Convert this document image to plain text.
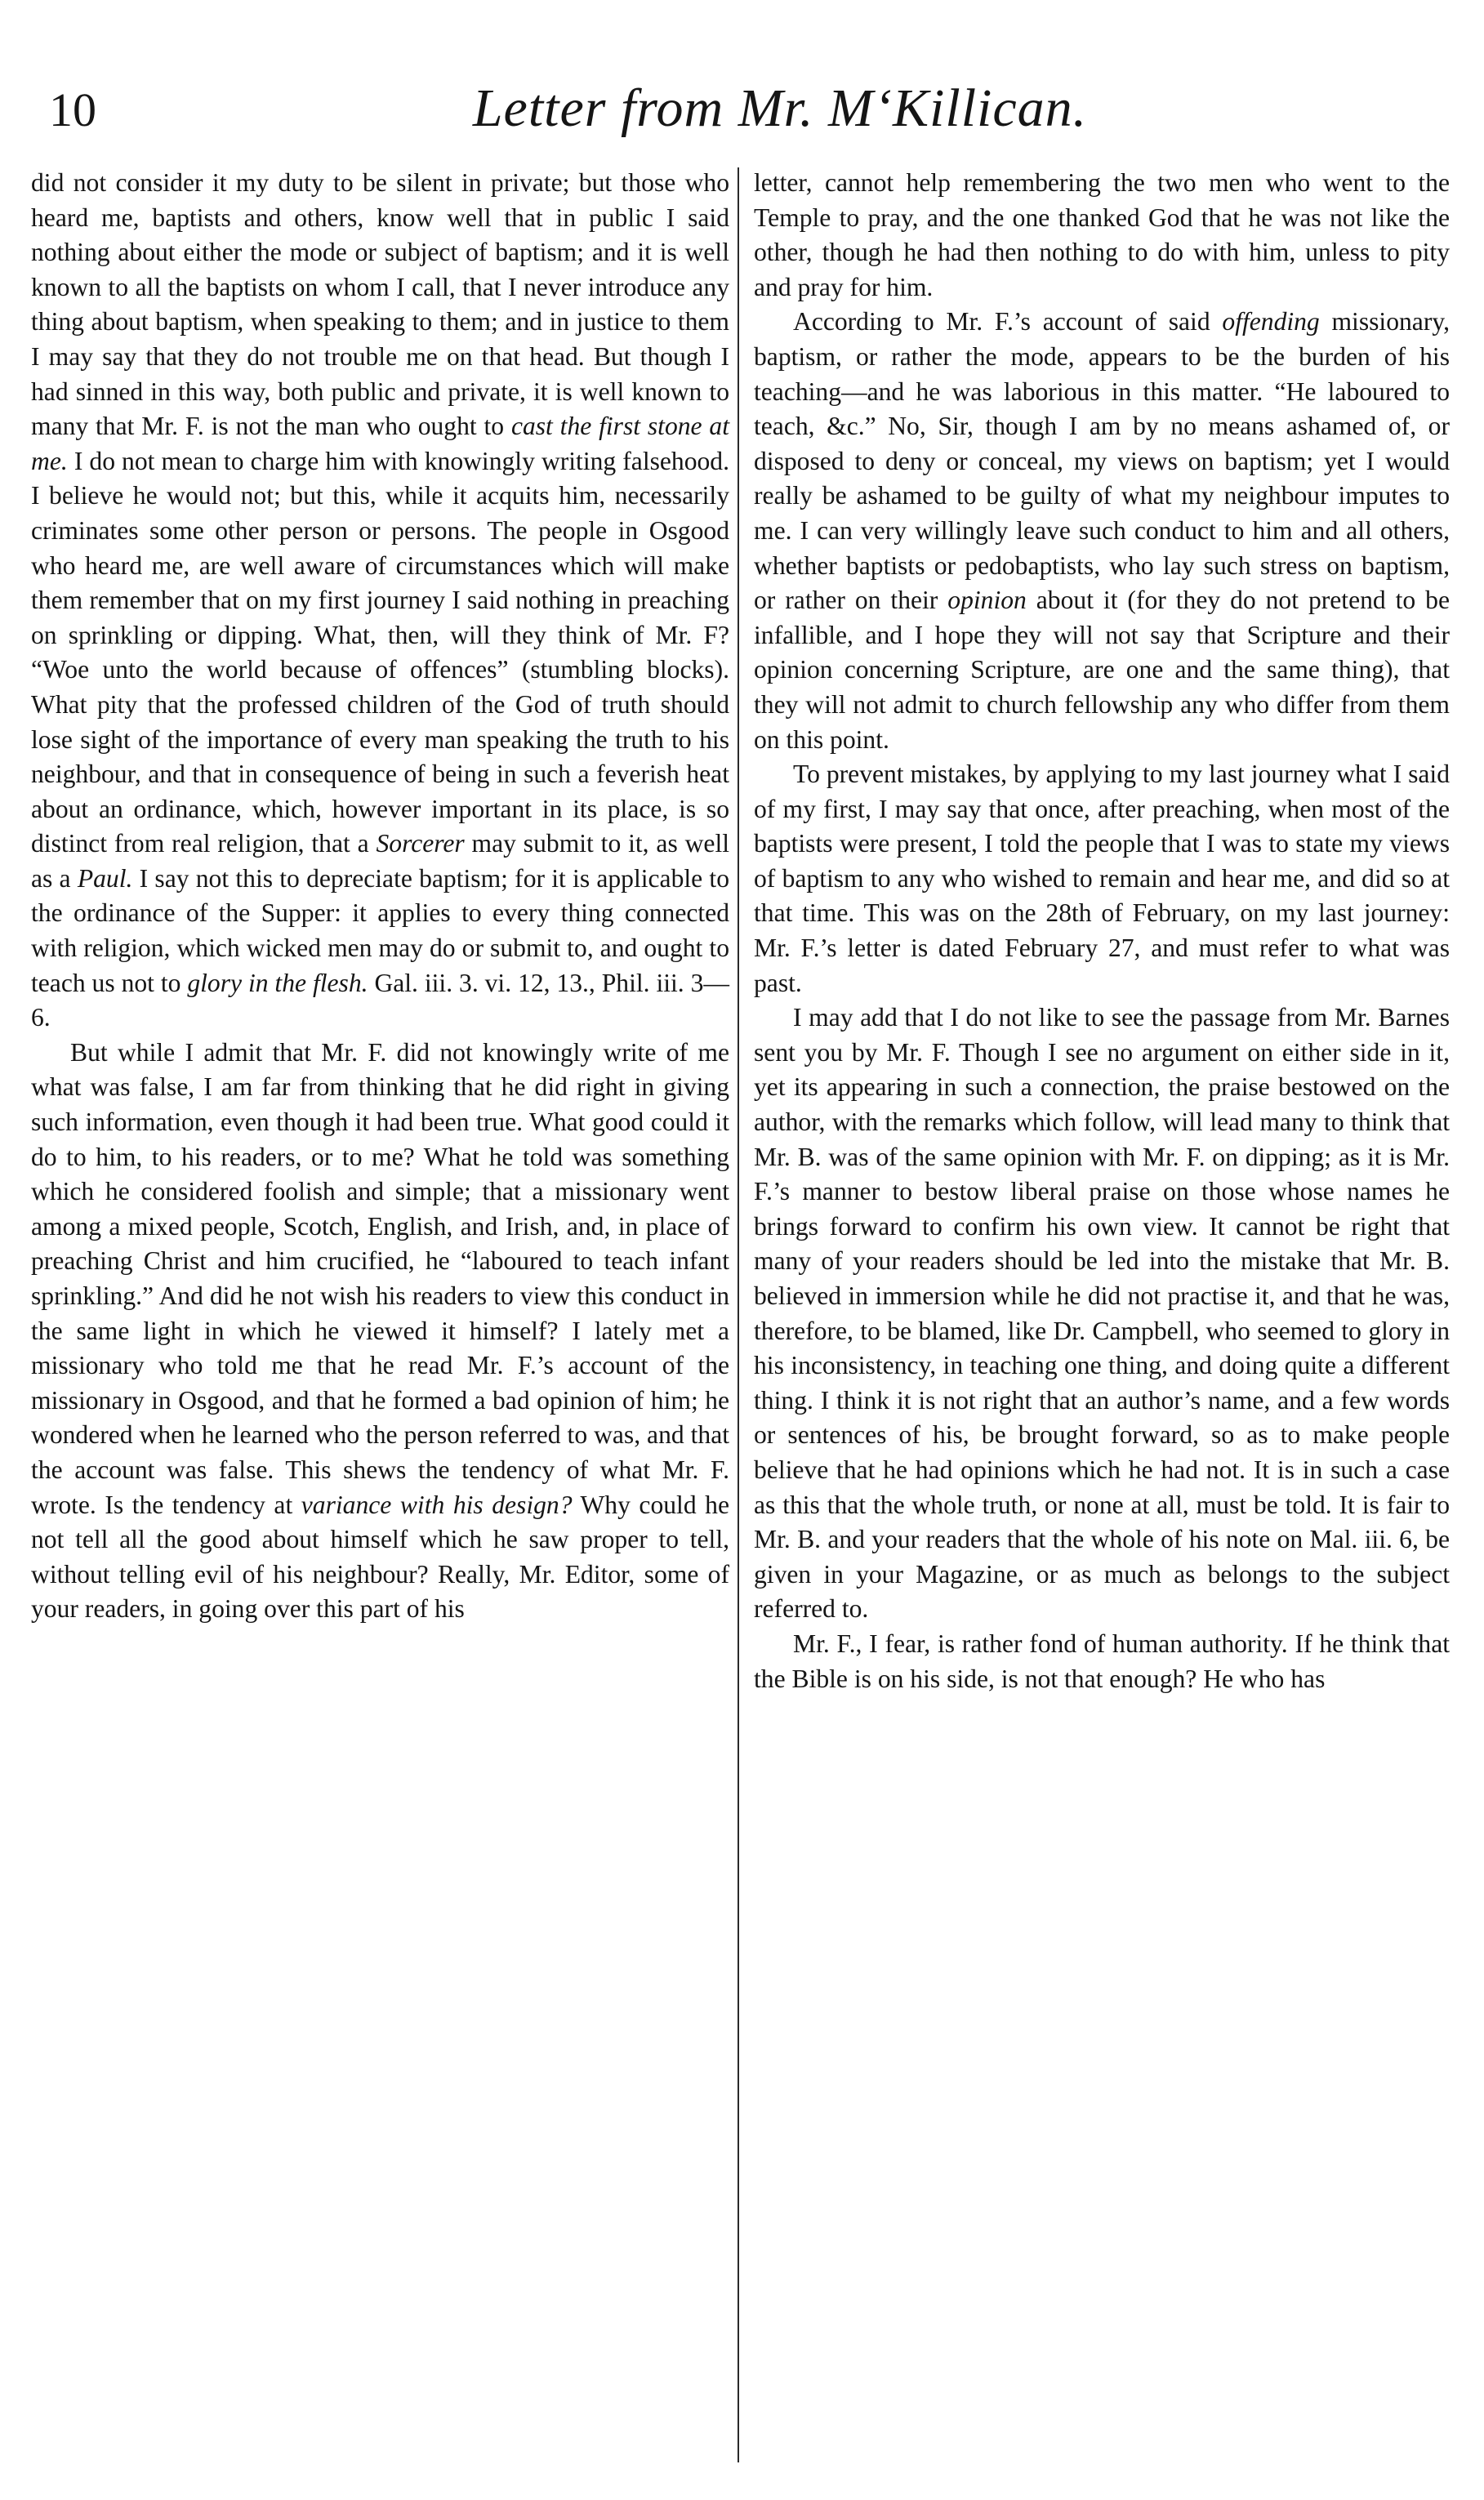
10	Letter from Mr. M‘Killican.

did not consider it my duty to be silent in private; but those who heard me, baptists and others, know well that in public I said nothing about either the mode or subject of baptism; and it is well known to all the baptists on whom I call, that I never introduce any thing about baptism, when speaking to them; and in justice to them I may say that they do not trouble me on that head. But though I had sinned in this way, both public and private, it is well known to many that Mr. F. is not the man who ought to cast the first stone at me. I do not mean to charge him with knowingly writing falsehood. I believe he would not; but this, while it acquits him, necessarily criminates some other person or persons. The people in Osgood who heard me, are well aware of circumstances which will make them remember that on my first journey I said nothing in preaching on sprinkling or dipping. What, then, will they think of Mr. F? “Woe unto the world because of offences” (stumbling blocks). What pity that the professed children of the God of truth should lose sight of the importance of every man speaking the truth to his neighbour, and that in consequence of being in such a feverish heat about an ordinance, which, however important in its place, is so distinct from real religion, that a Sorcerer may submit to it, as well as a Paul. I say not this to depreciate baptism; for it is applicable to the ordinance of the Supper: it applies to every thing connected with religion, which wicked men may do or submit to, and ought to teach us not to glory in the flesh. Gal. iii. 3. vi. 12, 13., Phil. iii. 3—6.

But while I admit that Mr. F. did not knowingly write of me what was false, I am far from thinking that he did right in giving such information, even though it had been true. What good could it do to him, to his readers, or to me? What he told was something which he considered foolish and simple; that a missionary went among a mixed people, Scotch, English, and Irish, and, in place of preaching Christ and him crucified, he “laboured to teach infant sprinkling.” And did he not wish his readers to view this conduct in the same light in which he viewed it himself? I lately met a missionary who told me that he read Mr. F.’s account of the missionary in Osgood, and that he formed a bad opinion of him; he wondered when he learned who the person referred to was, and that the account was false. This shews the tendency of what Mr. F. wrote. Is the tendency at variance with his design? Why could he not tell all the good about himself which he saw proper to tell, without telling evil of his neighbour? Really, Mr. Editor, some of your readers, in going over this part of his

letter, cannot help remembering the two men who went to the Temple to pray, and the one thanked God that he was not like the other, though he had then nothing to do with him, unless to pity and pray for him.

According to Mr. F.’s account of said offending missionary, baptism, or rather the mode, appears to be the burden of his teaching—and he was laborious in this matter. “He laboured to teach, &c.” No, Sir, though I am by no means ashamed of, or disposed to deny or conceal, my views on baptism; yet I would really be ashamed to be guilty of what my neighbour imputes to me. I can very willingly leave such conduct to him and all others, whether baptists or pedobaptists, who lay such stress on baptism, or rather on their opinion about it (for they do not pretend to be infallible, and I hope they will not say that Scripture and their opinion concerning Scripture, are one and the same thing), that they will not admit to church fellowship any who differ from them on this point.

To prevent mistakes, by applying to my last journey what I said of my first, I may say that once, after preaching, when most of the baptists were present, I told the people that I was to state my views of baptism to any who wished to remain and hear me, and did so at that time. This was on the 28th of February, on my last journey: Mr. F.’s letter is dated February 27, and must refer to what was past.

I may add that I do not like to see the passage from Mr. Barnes sent you by Mr. F. Though I see no argument on either side in it, yet its appearing in such a connection, the praise bestowed on the author, with the remarks which follow, will lead many to think that Mr. B. was of the same opinion with Mr. F. on dipping; as it is Mr. F.’s manner to bestow liberal praise on those whose names he brings forward to confirm his own view. It cannot be right that many of your readers should be led into the mistake that Mr. B. believed in immersion while he did not practise it, and that he was, therefore, to be blamed, like Dr. Campbell, who seemed to glory in his inconsistency, in teaching one thing, and doing quite a different thing. I think it is not right that an author’s name, and a few words or sentences of his, be brought forward, so as to make people believe that he had opinions which he had not. It is in such a case as this that the whole truth, or none at all, must be told. It is fair to Mr. B. and your readers that the whole of his note on Mal. iii. 6, be given in your Magazine, or as much as belongs to the subject referred to.

Mr. F., I fear, is rather fond of human authority. If he think that the Bible is on his side, is not that enough? He who has
